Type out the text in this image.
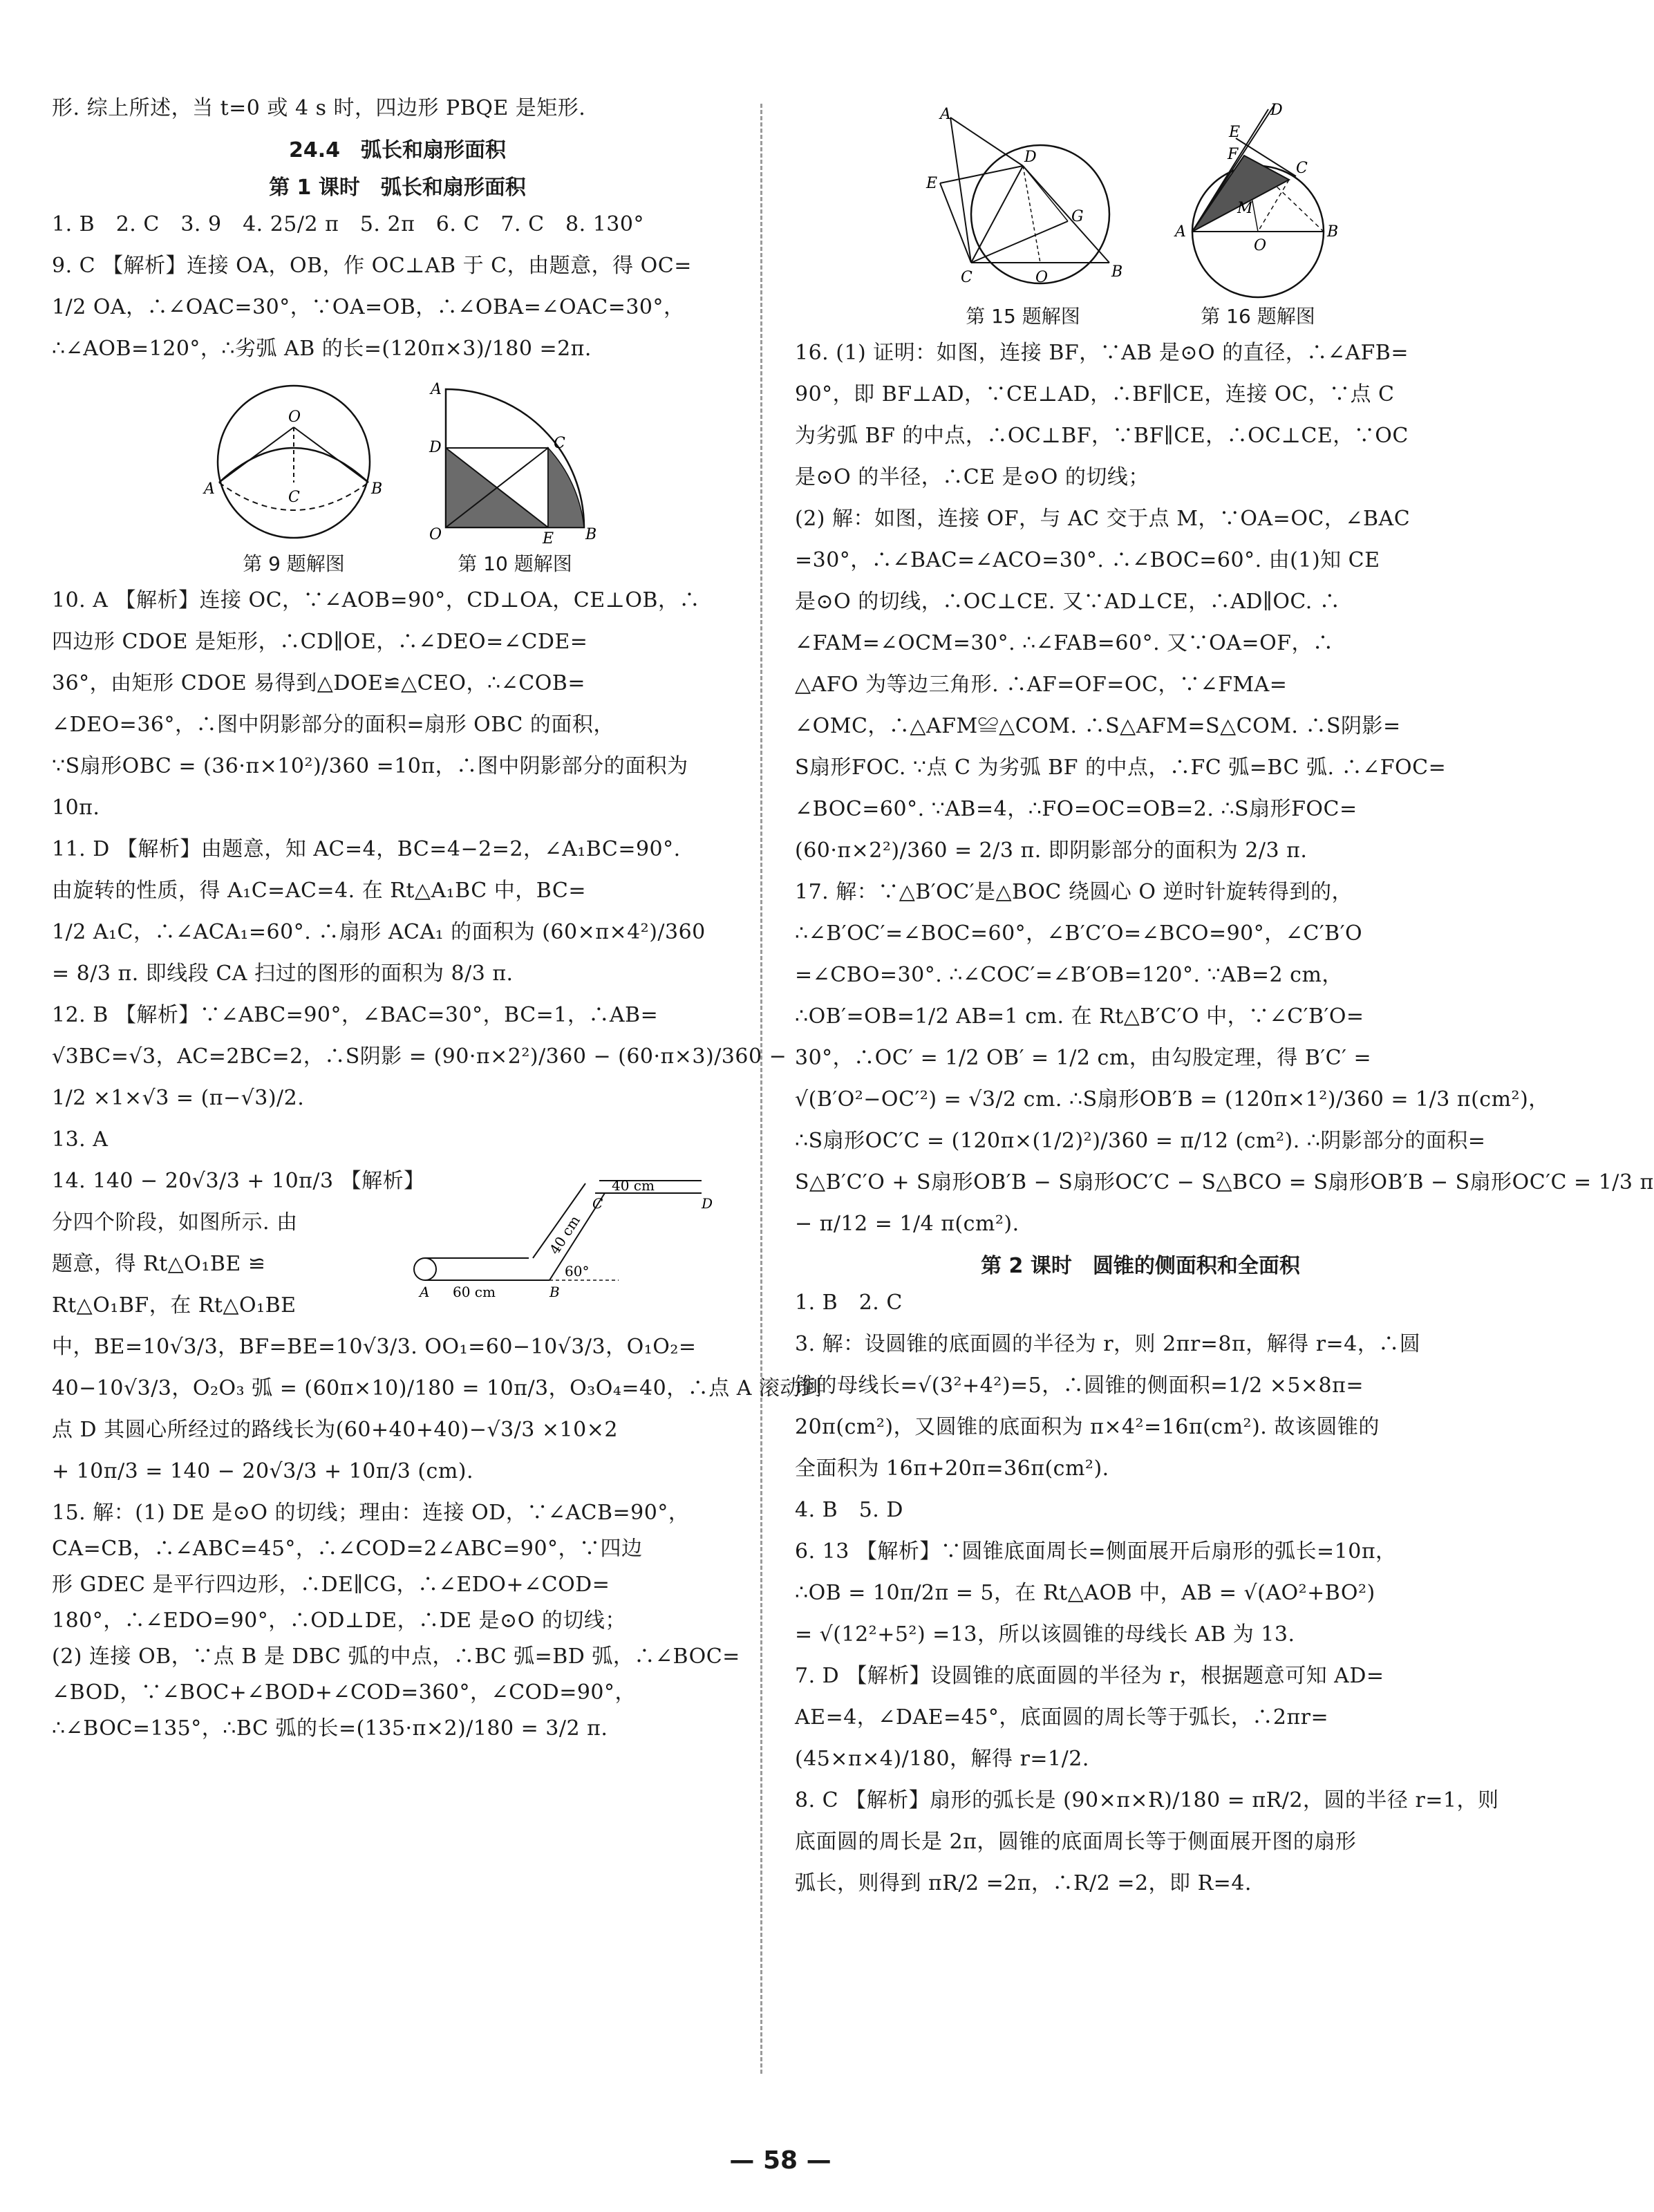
形. 综上所述，当 t=0 或 4 s 时，四边形 PBQE 是矩形.
24.4　弧长和扇形面积
第 1 课时　弧长和扇形面积
1. B　2. C　3. 9　4. 25/2 π　5. 2π　6. C　7. C　8. 130°
9. C 【解析】连接 OA，OB，作 OC⊥AB 于 C，由题意，得 OC=
1/2 OA，∴∠OAC=30°，∵OA=OB，∴∠OBA=∠OAC=30°，
∴∠AOB=120°，∴劣弧 AB 的长=(120π×3)/180 =2π.
O
A	B
C
第 9 题解图
A
D	C
O	E B
第 10 题解图
10. A 【解析】连接 OC，∵∠AOB=90°，CD⊥OA，CE⊥OB，∴
四边形 CDOE 是矩形，∴CD∥OE，∴∠DEO=∠CDE=
36°，由矩形 CDOE 易得到△DOE≌△CEO，∴∠COB=
∠DEO=36°，∴图中阴影部分的面积=扇形 OBC 的面积，
∵S扇形OBC = (36·π×10²)/360 =10π，∴图中阴影部分的面积为
10π.
11. D 【解析】由题意，知 AC=4，BC=4−2=2，∠A₁BC=90°.
由旋转的性质，得 A₁C=AC=4. 在 Rt△A₁BC 中，BC=
1/2 A₁C，∴∠ACA₁=60°. ∴扇形 ACA₁ 的面积为 (60×π×4²)/360
= 8/3 π. 即线段 CA 扫过的图形的面积为 8/3 π.
12. B 【解析】∵∠ABC=90°，∠BAC=30°，BC=1，∴AB=
√3BC=√3，AC=2BC=2，∴S阴影 = (90·π×2²)/360 − (60·π×3)/360 −
1/2 ×1×√3 = (π−√3)/2.
13. A
60 cm
40 cm
40 cm
60°
A
D
B
C
14. 140 − 20√3/3 + 10π/3 【解析】
分四个阶段，如图所示. 由
题意，得 Rt△O₁BE ≌
Rt△O₁BF，在 Rt△O₁BE
中，BE=10√3/3，BF=BE=10√3/3. OO₁=60−10√3/3，O₁O₂=
40−10√3/3，O₂O₃ 弧 = (60π×10)/180 = 10π/3，O₃O₄=40，∴点 A 滚动到
点 D 其圆心所经过的路线长为(60+40+40)−√3/3 ×10×2
+ 10π/3 = 140 − 20√3/3 + 10π/3 (cm).
15. 解：(1) DE 是⊙O 的切线；理由：连接 OD，∵∠ACB=90°，
CA=CB，∴∠ABC=45°，∴∠COD=2∠ABC=90°，∵四边
形 GDEC 是平行四边形，∴DE∥CG，∴∠EDO+∠COD=
180°，∴∠EDO=90°，∴OD⊥DE，∴DE 是⊙O 的切线；
(2) 连接 OB，∵点 B 是 DBC 弧的中点，∴BC 弧=BD 弧，∴∠BOC=
∠BOD，∵∠BOC+∠BOD+∠COD=360°，∠COD=90°，
∴∠BOC=135°，∴BC 弧的长=(135·π×2)/180 = 3/2 π.
A
D
E
G
C	O	B
第 15 题解图
D
E
F
C
M
O
A	B
第 16 题解图
16. (1) 证明：如图，连接 BF，∵AB 是⊙O 的直径，∴∠AFB=
90°，即 BF⊥AD，∵CE⊥AD，∴BF∥CE，连接 OC，∵点 C
为劣弧 BF 的中点，∴OC⊥BF，∵BF∥CE，∴OC⊥CE，∵OC
是⊙O 的半径，∴CE 是⊙O 的切线；
(2) 解：如图，连接 OF，与 AC 交于点 M，∵OA=OC，∠BAC
=30°，∴∠BAC=∠ACO=30°. ∴∠BOC=60°. 由(1)知 CE
是⊙O 的切线，∴OC⊥CE. 又∵AD⊥CE，∴AD∥OC. ∴
∠FAM=∠OCM=30°. ∴∠FAB=60°. 又∵OA=OF，∴
△AFO 为等边三角形. ∴AF=OF=OC，∵∠FMA=
∠OMC，∴△AFM≌△COM. ∴S△AFM=S△COM. ∴S阴影=
S扇形FOC. ∵点 C 为劣弧 BF 的中点，∴FC 弧=BC 弧. ∴∠FOC=
∠BOC=60°. ∵AB=4，∴FO=OC=OB=2. ∴S扇形FOC=
(60·π×2²)/360 = 2/3 π. 即阴影部分的面积为 2/3 π.
17. 解：∵△B′OC′是△BOC 绕圆心 O 逆时针旋转得到的，
∴∠B′OC′=∠BOC=60°，∠B′C′O=∠BCO=90°，∠C′B′O
=∠CBO=30°. ∴∠COC′=∠B′OB=120°. ∵AB=2 cm，
∴OB′=OB=1/2 AB=1 cm. 在 Rt△B′C′O 中，∵∠C′B′O=
30°，∴OC′ = 1/2 OB′ = 1/2 cm，由勾股定理，得 B′C′ =
√(B′O²−OC′²) = √3/2 cm. ∴S扇形OB′B = (120π×1²)/360 = 1/3 π(cm²)，
∴S扇形OC′C = (120π×(1/2)²)/360 = π/12 (cm²). ∴阴影部分的面积=
S△B′C′O + S扇形OB′B − S扇形OC′C − S△BCO = S扇形OB′B − S扇形OC′C = 1/3 π
− π/12 = 1/4 π(cm²).
第 2 课时　圆锥的侧面积和全面积
1. B　2. C
3. 解：设圆锥的底面圆的半径为 r，则 2πr=8π，解得 r=4，∴圆
锥的母线长=√(3²+4²)=5，∴圆锥的侧面积=1/2 ×5×8π=
20π(cm²)，又圆锥的底面积为 π×4²=16π(cm²). 故该圆锥的
全面积为 16π+20π=36π(cm²).
4. B　5. D
6. 13 【解析】∵圆锥底面周长=侧面展开后扇形的弧长=10π，
∴OB = 10π/2π = 5，在 Rt△AOB 中，AB = √(AO²+BO²)
= √(12²+5²) =13，所以该圆锥的母线长 AB 为 13.
7. D 【解析】设圆锥的底面圆的半径为 r，根据题意可知 AD=
AE=4，∠DAE=45°，底面圆的周长等于弧长，∴2πr=
(45×π×4)/180，解得 r=1/2.
8. C 【解析】扇形的弧长是 (90×π×R)/180 = πR/2，圆的半径 r=1，则
底面圆的周长是 2π，圆锥的底面周长等于侧面展开图的扇形
弧长，则得到 πR/2 =2π，∴R/2 =2，即 R=4.
— 58 —
